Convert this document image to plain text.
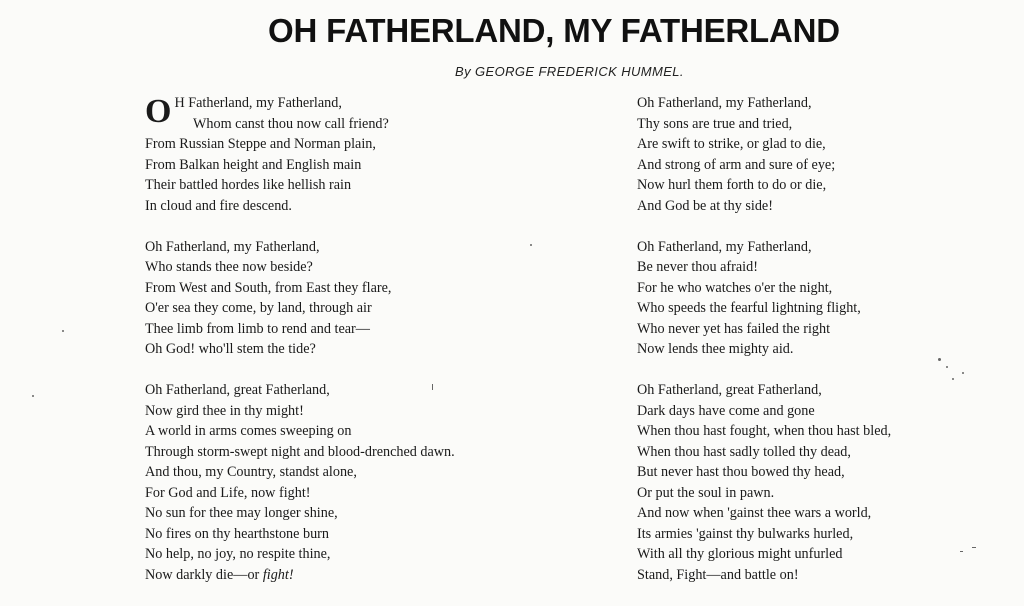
OH FATHERLAND, MY FATHERLAND
By GEORGE FREDERICK HUMMEL.
O H Fatherland, my Fatherland,
Whom canst thou now call friend?
From Russian Steppe and Norman plain,
From Balkan height and English main
Their battled hordes like hellish rain
In cloud and fire descend.
Oh Fatherland, my Fatherland,
Who stands thee now beside?
From West and South, from East they flare,
O'er sea they come, by land, through air
Thee limb from limb to rend and tear—
Oh God! who'll stem the tide?
Oh Fatherland, great Fatherland,
Now gird thee in thy might!
A world in arms comes sweeping on
Through storm-swept night and blood-drenched dawn.
And thou, my Country, standst alone,
For God and Life, now fight!
No sun for thee may longer shine,
No fires on thy hearthstone burn
No help, no joy, no respite thine,
Now darkly die—or fight!
Oh Fatherland, my Fatherland,
Thy sons are true and tried,
Are swift to strike, or glad to die,
And strong of arm and sure of eye;
Now hurl them forth to do or die,
And God be at thy side!
Oh Fatherland, my Fatherland,
Be never thou afraid!
For he who watches o'er the night,
Who speeds the fearful lightning flight,
Who never yet has failed the right
Now lends thee mighty aid.
Oh Fatherland, great Fatherland,
Dark days have come and gone
When thou hast fought, when thou hast bled,
When thou hast sadly tolled thy dead,
But never hast thou bowed thy head,
Or put the soul in pawn.
And now when 'gainst thee wars a world,
Its armies 'gainst thy bulwarks hurled,
With all thy glorious might unfurled
Stand, Fight—and battle on!
